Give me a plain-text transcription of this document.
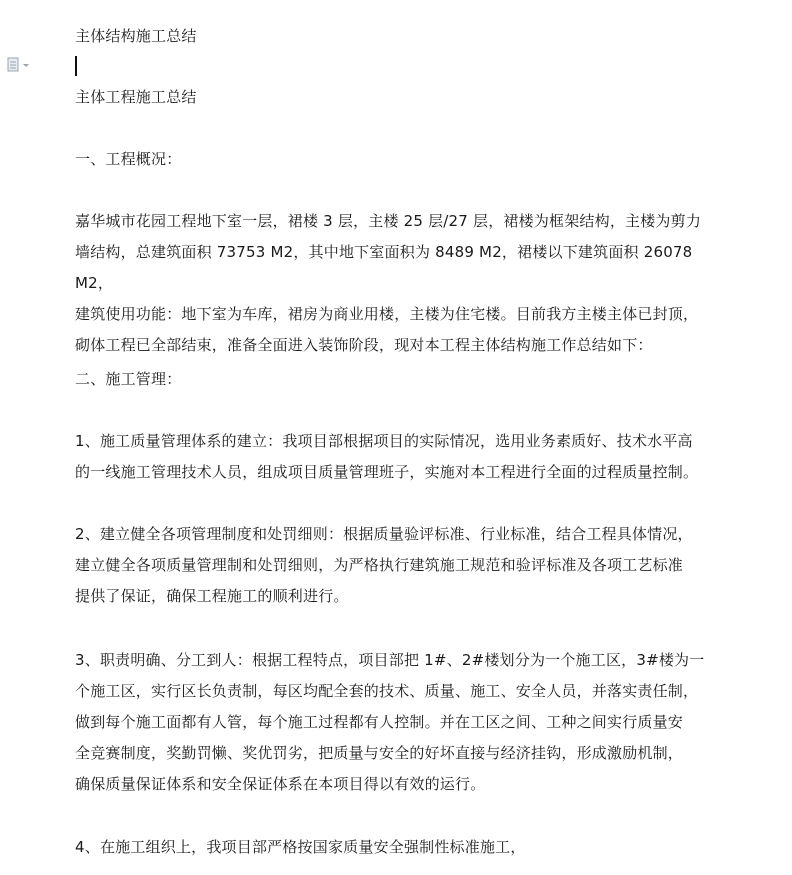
主体结构施工总结

主体工程施工总结

一、工程概况：

嘉华城市花园工程地下室一层，裙楼 3 层，主楼 25 层/27 层，裙楼为框架结构，主楼为剪力

墙结构，总建筑面积 73753 M2，其中地下室面积为 8489 M2，裙楼以下建筑面积 26078 M2，

建筑使用功能：地下室为车库，裙房为商业用楼，主楼为住宅楼。目前我方主楼主体已封顶，

砌体工程已全部结束，准备全面进入装饰阶段，现对本工程主体结构施工作总结如下：

二、施工管理：

1、施工质量管理体系的建立：我项目部根据项目的实际情况，选用业务素质好、技术水平高

的一线施工管理技术人员，组成项目质量管理班子，实施对本工程进行全面的过程质量控制。

2、建立健全各项管理制度和处罚细则：根据质量验评标准、行业标准，结合工程具体情况，

建立健全各项质量管理制和处罚细则，为严格执行建筑施工规范和验评标准及各项工艺标准

提供了保证，确保工程施工的顺利进行。

3、职责明确、分工到人：根据工程特点，项目部把 1#、2#楼划分为一个施工区，3#楼为一

个施工区，实行区长负责制，每区均配全套的技术、质量、施工、安全人员，并落实责任制，

做到每个施工面都有人管，每个施工过程都有人控制。并在工区之间、工种之间实行质量安

全竞赛制度，奖勤罚懒、奖优罚劣，把质量与安全的好坏直接与经济挂钩，形成激励机制，

确保质量保证体系和安全保证体系在本项目得以有效的运行。

4、在施工组织上，我项目部严格按国家质量安全强制性标准施工，
